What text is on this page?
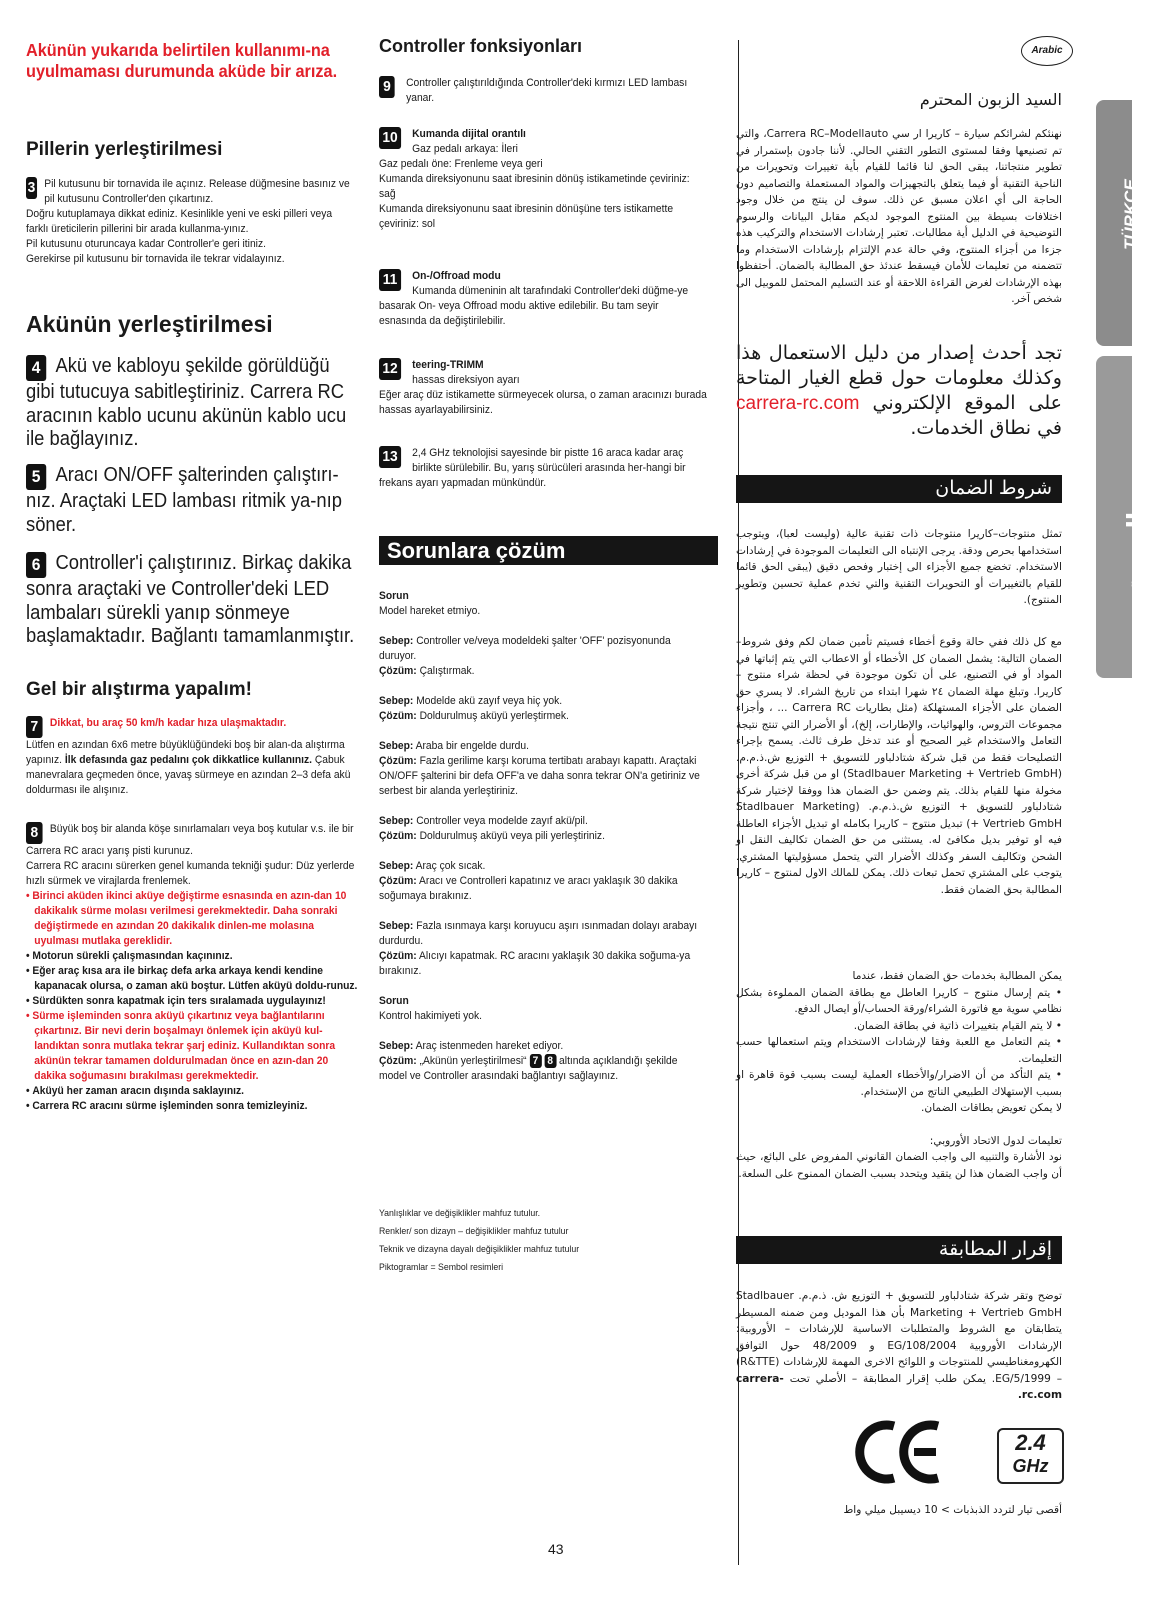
Akünün yukarıda belirtilen kullanımı-na uyulmaması durumunda aküde bir arıza.
Pillerin yerleştirilmesi
3 Pil kutusunu bir tornavida ile açınız. Release düğmesine basınız ve pil kutusunu Controller'den çıkartınız.
Doğru kutuplamaya dikkat ediniz. Kesinlikle yeni ve eski pilleri veya farklı üreticilerin pillerini bir arada kullanma-yınız.
Pil kutusunu oturuncaya kadar Controller'e geri itiniz.
Gerekirse pil kutusunu bir tornavida ile tekrar vidalayınız.
Akünün yerleştirilmesi
4 Akü ve kabloyu şekilde görüldüğü gibi tutucuya sabitleştiriniz. Carrera RC aracının kablo ucunu akünün kablo ucu ile bağlayınız.
5 Aracı ON/OFF şalterinden çalıştırı-nız. Araçtaki LED lambası ritmik ya-nıp söner.
6 Controller'i çalıştırınız. Birkaç dakika sonra araçtaki ve Controller'deki LED lambaları sürekli yanıp sönmeye başlamaktadır. Bağlantı tamamlanmıştır.
Gel bir alıştırma yapalım!
7 Dikkat, bu araç 50 km/h kadar hıza ulaşmaktadır.
Lütfen en azından 6x6 metre büyüklüğündeki boş bir alan-da alıştırma yapınız. İlk defasında gaz pedalını çok dikkatlice kullanınız. Çabuk manevralara geçmeden önce, yavaş sürmeye en azından 2–3 defa akü doldurması ile alışınız.
8 Büyük boş bir alanda köşe sınırlamaları veya boş kutular v.s. ile bir Carrera RC aracı yarış pisti kurunuz.
Carrera RC aracını sürerken genel kumanda tekniği şudur: Düz yerlerde hızlı sürmek ve virajlarda frenlemek.
• Birinci aküden ikinci aküye değiştirme esnasında en azın-dan 10 dakikalık sürme molası verilmesi gerekmektedir. Daha sonraki değiştirmede en azından 20 dakikalık dinlen-me molasına uyulması mutlaka gereklidir.
• Motorun sürekli çalışmasından kaçınınız.
• Eğer araç kısa ara ile birkaç defa arka arkaya kendi kendine kapanacak olursa, o zaman akü boştur. Lütfen aküyü doldu-runuz.
• Sürdükten sonra kapatmak için ters sıralamada uygulayınız!
• Sürme işleminden sonra aküyü çıkartınız veya bağlantılarını çıkartınız. Bir nevi derin boşalmayı önlemek için aküyü kul-landıktan sonra mutlaka tekrar şarj ediniz. Kullandıktan sonra akünün tekrar tamamen doldurulmadan önce en azın-dan 20 dakika soğumasını bırakılması gerekmektedir.
• Aküyü her zaman aracın dışında saklayınız.
• Carrera RC aracını sürme işleminden sonra temizleyiniz.
Controller fonksiyonları
9	Controller çalıştırıldığında Controller'deki kırmızı LED lambası yanar.
10	Kumanda dijital orantılı
Gaz pedalı arkaya: İleri
Gaz pedalı öne: Frenleme veya geri
Kumanda direksiyonunu saat ibresinin dönüş istikametinde çeviriniz: sağ
Kumanda direksiyonunu saat ibresinin dönüşüne ters istikamette çeviriniz: sol
11	On-/Offroad modu
Kumanda dümeninin alt tarafındaki Controller'deki düğme-ye basarak On- veya Offroad modu aktive edilebilir. Bu tam seyir esnasında da değiştirilebilir.
12	teering-TRIMM
hassas direksiyon ayarı
Eğer araç düz istikamette sürmeyecek olursa, o zaman aracınızı burada hassas ayarlayabilirsiniz.
13	2,4 GHz teknolojisi sayesinde bir pistte 16 araca kadar araç birlikte sürülebilir. Bu, yarış sürücüleri arasında her-hangi bir frekans ayarı yapmadan münkündür.
Sorunlara çözüm
Sorun
Model hareket etmiyo.
Sebep: Controller ve/veya modeldeki şalter 'OFF' pozisyonunda duruyor.
Çözüm: Çalıştırmak.
Sebep: Modelde akü zayıf veya hiç yok.
Çözüm: Doldurulmuş aküyü yerleştirmek.
Sebep: Araba bir engelde durdu.
Çözüm: Fazla gerilime karşı koruma tertibatı arabayı kapattı. Araçtaki ON/OFF şalterini bir defa OFF'a ve daha sonra tekrar ON'a getiriniz ve serbest bir alanda yerleştiriniz.
Sebep: Controller veya modelde zayıf akü/pil.
Çözüm: Doldurulmuş aküyü veya pili yerleştiriniz.
Sebep: Araç çok sıcak.
Çözüm: Aracı ve Controlleri kapatınız ve aracı yaklaşık 30 dakika soğumaya bırakınız.
Sebep: Fazla ısınmaya karşı koruyucu aşırı ısınmadan dolayı arabayı durdurdu.
Çözüm: Alıcıyı kapatmak. RC aracını yaklaşık 30 dakika soğuma-ya bırakınız.
Sorun
Kontrol hakimiyeti yok.
Sebep: Araç istenmeden hareket ediyor.
Çözüm: „Akünün yerleştirilmesi“ 7 8 altında açıklandığı şekilde model ve Controller arasındaki bağlantıyı sağlayınız.
Yanlışlıklar ve değişiklikler mahfuz tutulur.
Renkler/ son dizayn – değişiklikler mahfuz tutulur
Teknik ve dizayna dayalı değişiklikler mahfuz tutulur
Piktogramlar = Sembol resimleri
Arabic
السيد الزبون المحترم
نهنئكم لشرائكم سيارة – كاريرا ار سي Carrera RC–Modellauto، والتي تم تصنيعها وفقا لمستوى التطور التقني الحالي. لأننا جادون بإستمرار في تطوير منتجاتنا، يبقى الحق لنا قائما للقيام بأية تغييرات وتحويرات من الناحية التقنية أو فيما يتعلق بالتجهيزات والمواد المستعملة والتصاميم دون الحاجة الى أي اعلان مسبق عن ذلك. سوف لن ينتج من خلال وجود اختلافات بسيطة بين المنتوج الموجود لديكم مقابل البيانات والرسوم التوضيحية في الدليل أية مطالبات. تعتبر إرشادات الاستخدام والتركيب هذه جزءا من أجزاء المنتوج، وفي حالة عدم الإلتزام بإرشادات الاستخدام وما تتضمنه من تعليمات للأمان فيسقط عندئذ حق المطالبة بالضمان. أحتفظوا بهذه الإرشادات لغرض القراءة اللاحقة أو عند التسليم المحتمل للموبيل الى شخص آخر.
تجد أحدث إصدار من دليل الاستعمال هذا وكذلك معلومات حول قطع الغيار المتاحة على الموقع الإلكتروني carrera-rc.com في نطاق الخدمات.
شروط الضمان
تمثل منتوجات–كاريرا منتوجات ذات تقنية عالية (وليست لعبا)، ويتوجب استخدامها بحرص ودقة. يرجى الإنتباه الى التعليمات الموجودة في إرشادات الاستخدام. تخضع جميع الأجزاء الى إختبار وفحص دقيق (يبقى الحق قائما للقيام بالتغييرات أو التحويرات التقنية والتي تخدم عملية تحسين وتطوير المنتوج).
مع كل ذلك ففي حالة وقوع أخطاء فسيتم تأمين ضمان لكم وفق شروط–الضمان التالية: يشمل الضمان كل الأخطاء أو الاعطاب التي يتم إثباتها في المواد أو في التصنيع، على أن تكون موجودة في لحظة شراء منتوج – كاريرا. وتبلغ مهلة الضمان ٢٤ شهرا ابتداء من تاريخ الشراء. لا يسري حق الضمان على الأجزاء المستهلكة (مثل بطاريات Carrera RC ... ، وأجزاء مجموعات التروس، والهوائيات، والإطارات، إلخ)، أو الأضرار التي تنتج نتيجة التعامل والاستخدام غير الصحيح أو عند تدخل طرف ثالث. يسمح بإجراء التصليحات فقط من قبل شركة شتادلباور للتسويق + التوزيع ش.ذ.م.م. (Stadlbauer Marketing + Vertrieb GmbH) او من قبل شركة أخرى مخولة منها للقيام بذلك. يتم وضمن حق الضمان هذا ووفقا لإختيار شركة شتادلباور للتسويق + التوزيع ش.ذ.م.م. (Stadlbauer Marketing Vertrieb GmbH +) تبديل منتوج – كاريرا بكامله او تبديل الأجزاء العاطلة فيه او توفير بديل مكافئ له. يستثنى من حق الضمان تكاليف النقل او الشحن وتكاليف السفر وكذلك الأضرار التي يتحمل مسؤوليتها المشتري. يتوجب على المشتري تحمل تبعات ذلك. يمكن للمالك الاول لمنتوج – كاريرا المطالبة بحق الضمان فقط.
يمكن المطالبة بخدمات حق الضمان فقط، عندما
• يتم إرسال منتوج – كاريرا العاطل مع بطاقة الضمان المملوءة بشكل نظامي سوية مع فاتورة الشراء/ورقة الحساب/أو ايصال الدفع.
• لا يتم القيام بتغييرات ذاتية في بطاقة الضمان.
• يتم التعامل مع اللعبة وفقا لإرشادات الاستخدام ويتم استعمالها حسب التعليمات.
• يتم التأكد من أن الاضرار/والأخطاء العملية ليست بسبب قوة قاهرة او بسبب الإستهلاك الطبيعي الناتج من الإستخدام.
لا يمكن تعويض بطاقات الضمان.
تعليمات لدول الاتحاد الأوروبي:
نود الأشارة والتنبيه الى واجب الضمان القانوني المفروض على البائع، حيث أن واجب الضمان هذا لن يتقيد ويتحدد بسبب الضمان الممنوح على السلعة.
إقرار المطابقة
توضح وتقر شركة شتادلباور للتسويق + التوزيع ش. ذ.م.م. Stadlbauer Marketing + Vertrieb GmbH بأن هذا الموديل ومن ضمنه المسيطر يتطابقان مع الشروط والمتطلبات الاساسية للإرشادات – الأوروبية: الإرشادات الأوروبية EG/108/2004 و 48/2009 حول التوافق الكهرومغناطيسي للمنتوجات و اللوائح الاخرى المهمة للإرشادات (R&TTE) – EG/5/1999. يمكن طلب إقرار المطابقة – الأصلي تحت carrera-rc.com.
2.4
GHz
أقصى تيار لتردد الذبذبات > 10 ديسيبل ميلي واط
TÜRKÇE
العربية
43
